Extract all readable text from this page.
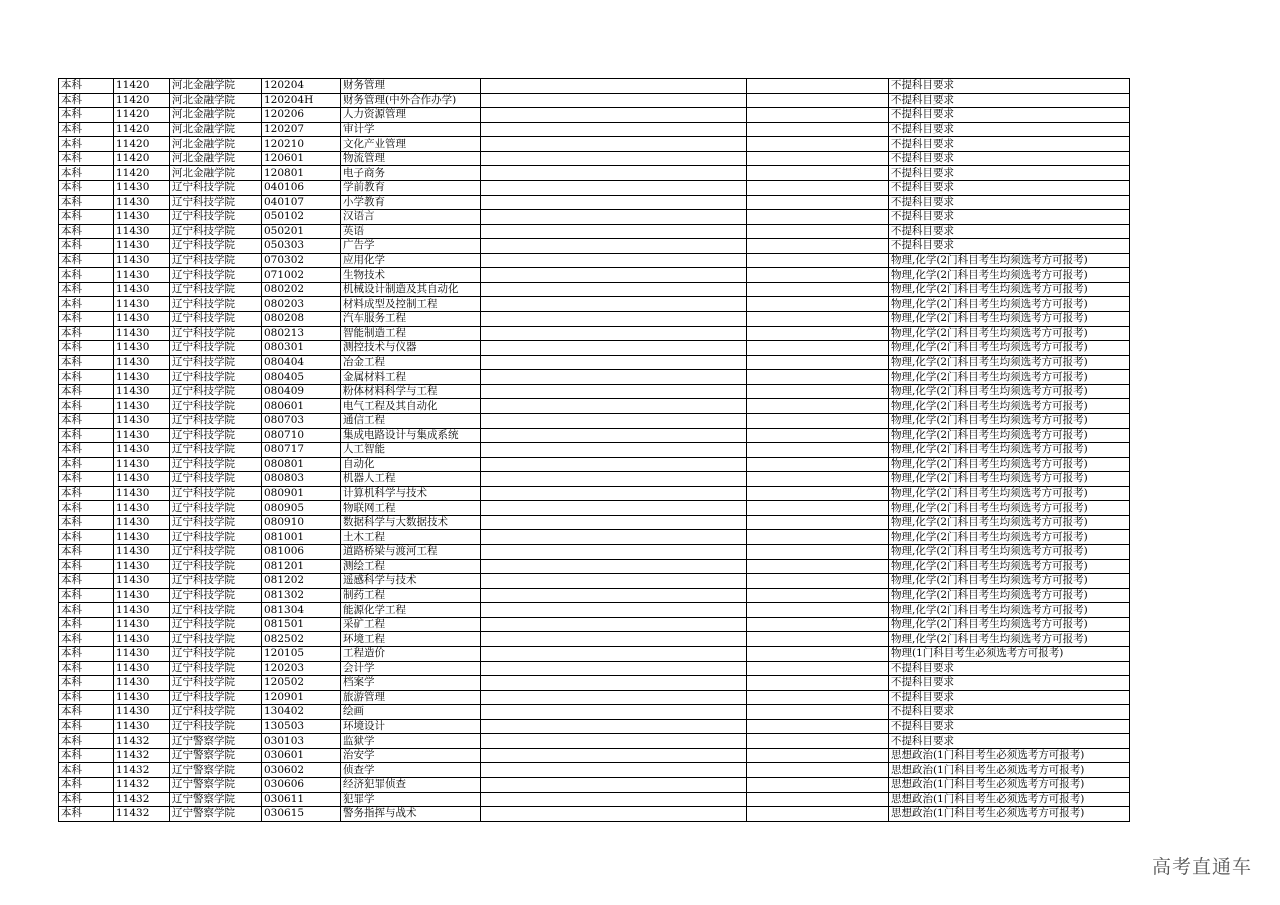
本科	11420	河北金融学院	120204	财务管理			不提科目要求
本科	11420	河北金融学院	120204H	财务管理(中外合作办学)			不提科目要求
本科	11420	河北金融学院	120206	人力资源管理			不提科目要求
本科	11420	河北金融学院	120207	审计学			不提科目要求
本科	11420	河北金融学院	120210	文化产业管理			不提科目要求
本科	11420	河北金融学院	120601	物流管理			不提科目要求
本科	11420	河北金融学院	120801	电子商务			不提科目要求
本科	11430	辽宁科技学院	040106	学前教育			不提科目要求
本科	11430	辽宁科技学院	040107	小学教育			不提科目要求
本科	11430	辽宁科技学院	050102	汉语言			不提科目要求
本科	11430	辽宁科技学院	050201	英语			不提科目要求
本科	11430	辽宁科技学院	050303	广告学			不提科目要求
本科	11430	辽宁科技学院	070302	应用化学			物理,化学(2门科目考生均须选考方可报考)
本科	11430	辽宁科技学院	071002	生物技术			物理,化学(2门科目考生均须选考方可报考)
本科	11430	辽宁科技学院	080202	机械设计制造及其自动化			物理,化学(2门科目考生均须选考方可报考)
本科	11430	辽宁科技学院	080203	材料成型及控制工程			物理,化学(2门科目考生均须选考方可报考)
本科	11430	辽宁科技学院	080208	汽车服务工程			物理,化学(2门科目考生均须选考方可报考)
本科	11430	辽宁科技学院	080213	智能制造工程			物理,化学(2门科目考生均须选考方可报考)
本科	11430	辽宁科技学院	080301	测控技术与仪器			物理,化学(2门科目考生均须选考方可报考)
本科	11430	辽宁科技学院	080404	冶金工程			物理,化学(2门科目考生均须选考方可报考)
本科	11430	辽宁科技学院	080405	金属材料工程			物理,化学(2门科目考生均须选考方可报考)
本科	11430	辽宁科技学院	080409	粉体材料科学与工程			物理,化学(2门科目考生均须选考方可报考)
本科	11430	辽宁科技学院	080601	电气工程及其自动化			物理,化学(2门科目考生均须选考方可报考)
本科	11430	辽宁科技学院	080703	通信工程			物理,化学(2门科目考生均须选考方可报考)
本科	11430	辽宁科技学院	080710	集成电路设计与集成系统			物理,化学(2门科目考生均须选考方可报考)
本科	11430	辽宁科技学院	080717	人工智能			物理,化学(2门科目考生均须选考方可报考)
本科	11430	辽宁科技学院	080801	自动化			物理,化学(2门科目考生均须选考方可报考)
本科	11430	辽宁科技学院	080803	机器人工程			物理,化学(2门科目考生均须选考方可报考)
本科	11430	辽宁科技学院	080901	计算机科学与技术			物理,化学(2门科目考生均须选考方可报考)
本科	11430	辽宁科技学院	080905	物联网工程			物理,化学(2门科目考生均须选考方可报考)
本科	11430	辽宁科技学院	080910	数据科学与大数据技术			物理,化学(2门科目考生均须选考方可报考)
本科	11430	辽宁科技学院	081001	土木工程			物理,化学(2门科目考生均须选考方可报考)
本科	11430	辽宁科技学院	081006	道路桥梁与渡河工程			物理,化学(2门科目考生均须选考方可报考)
本科	11430	辽宁科技学院	081201	测绘工程			物理,化学(2门科目考生均须选考方可报考)
本科	11430	辽宁科技学院	081202	遥感科学与技术			物理,化学(2门科目考生均须选考方可报考)
本科	11430	辽宁科技学院	081302	制药工程			物理,化学(2门科目考生均须选考方可报考)
本科	11430	辽宁科技学院	081304	能源化学工程			物理,化学(2门科目考生均须选考方可报考)
本科	11430	辽宁科技学院	081501	采矿工程			物理,化学(2门科目考生均须选考方可报考)
本科	11430	辽宁科技学院	082502	环境工程			物理,化学(2门科目考生均须选考方可报考)
本科	11430	辽宁科技学院	120105	工程造价			物理(1门科目考生必须选考方可报考)
本科	11430	辽宁科技学院	120203	会计学			不提科目要求
本科	11430	辽宁科技学院	120502	档案学			不提科目要求
本科	11430	辽宁科技学院	120901	旅游管理			不提科目要求
本科	11430	辽宁科技学院	130402	绘画			不提科目要求
本科	11430	辽宁科技学院	130503	环境设计			不提科目要求
本科	11432	辽宁警察学院	030103	监狱学			不提科目要求
本科	11432	辽宁警察学院	030601	治安学			思想政治(1门科目考生必须选考方可报考)
本科	11432	辽宁警察学院	030602	侦查学			思想政治(1门科目考生必须选考方可报考)
本科	11432	辽宁警察学院	030606	经济犯罪侦查			思想政治(1门科目考生必须选考方可报考)
本科	11432	辽宁警察学院	030611	犯罪学			思想政治(1门科目考生必须选考方可报考)
本科	11432	辽宁警察学院	030615	警务指挥与战术			思想政治(1门科目考生必须选考方可报考)
高考直通车
